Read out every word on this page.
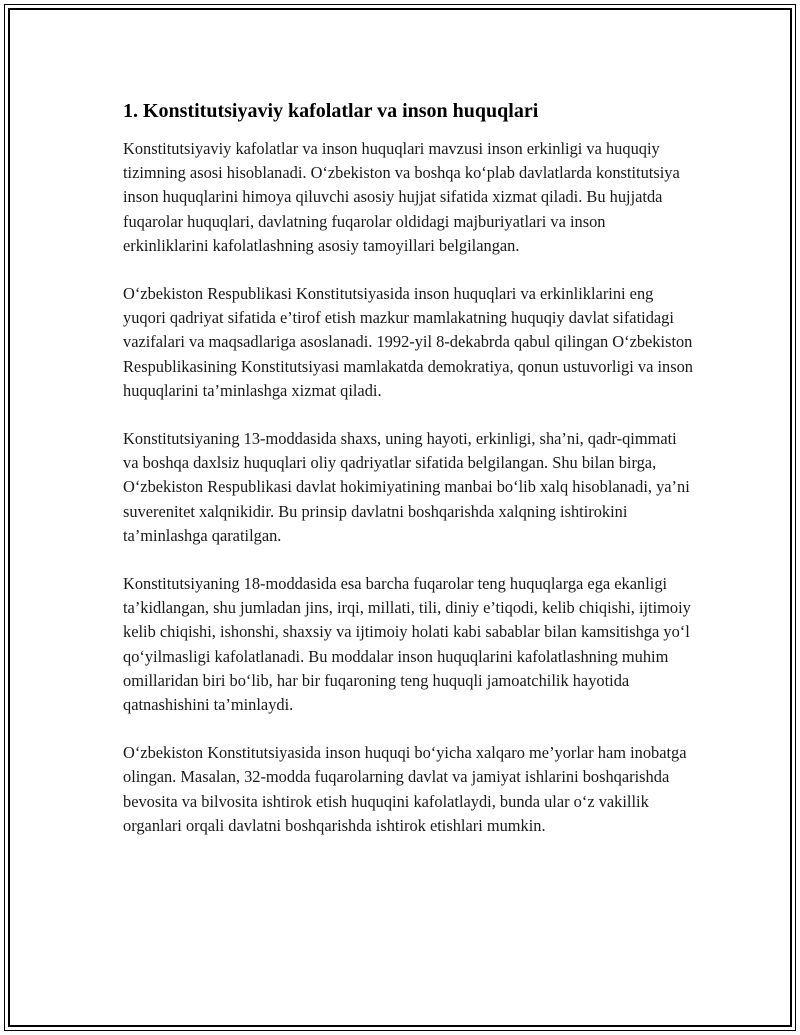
1. Konstitutsiyaviy kafolatlar va inson huquqlari

Konstitutsiyaviy kafolatlar va inson huquqlari mavzusi inson erkinligi va huquqiy tizimning asosi hisoblanadi. O‘zbekiston va boshqa ko‘plab davlatlarda konstitutsiya inson huquqlarini himoya qiluvchi asosiy hujjat sifatida xizmat qiladi. Bu hujjatda fuqarolar huquqlari, davlatning fuqarolar oldidagi majburiyatlari va inson erkinliklarini kafolatlashning asosiy tamoyillari belgilangan.

O‘zbekiston Respublikasi Konstitutsiyasida inson huquqlari va erkinliklarini eng yuqori qadriyat sifatida e’tirof etish mazkur mamlakatning huquqiy davlat sifatidagi vazifalari va maqsadlariga asoslanadi. 1992-yil 8-dekabrda qabul qilingan O‘zbekiston Respublikasining Konstitutsiyasi mamlakatda demokratiya, qonun ustuvorligi va inson huquqlarini ta’minlashga xizmat qiladi.

Konstitutsiyaning 13-moddasida shaxs, uning hayoti, erkinligi, sha’ni, qadr-qimmati va boshqa daxlsiz huquqlari oliy qadriyatlar sifatida belgilangan. Shu bilan birga, O‘zbekiston Respublikasi davlat hokimiyatining manbai bo‘lib xalq hisoblanadi, ya’ni suverenitet xalqnikidir. Bu prinsip davlatni boshqarishda xalqning ishtirokini ta’minlashga qaratilgan.

Konstitutsiyaning 18-moddasida esa barcha fuqarolar teng huquqlarga ega ekanligi ta’kidlangan, shu jumladan jins, irqi, millati, tili, diniy e’tiqodi, kelib chiqishi, ijtimoiy kelib chiqishi, ishonshi, shaxsiy va ijtimoiy holati kabi sabablar bilan kamsitishga yo‘l qo‘yilmasligi kafolatlanadi. Bu moddalar inson huquqlarini kafolatlashning muhim omillaridan biri bo‘lib, har bir fuqaroning teng huquqli jamoatchilik hayotida qatnashishini ta’minlaydi.

O‘zbekiston Konstitutsiyasida inson huquqi bo‘yicha xalqaro me’yorlar ham inobatga olingan. Masalan, 32-modda fuqarolarning davlat va jamiyat ishlarini boshqarishda bevosita va bilvosita ishtirok etish huquqini kafolatlaydi, bunda ular o‘z vakillik organlari orqali davlatni boshqarishda ishtirok etishlari mumkin.
